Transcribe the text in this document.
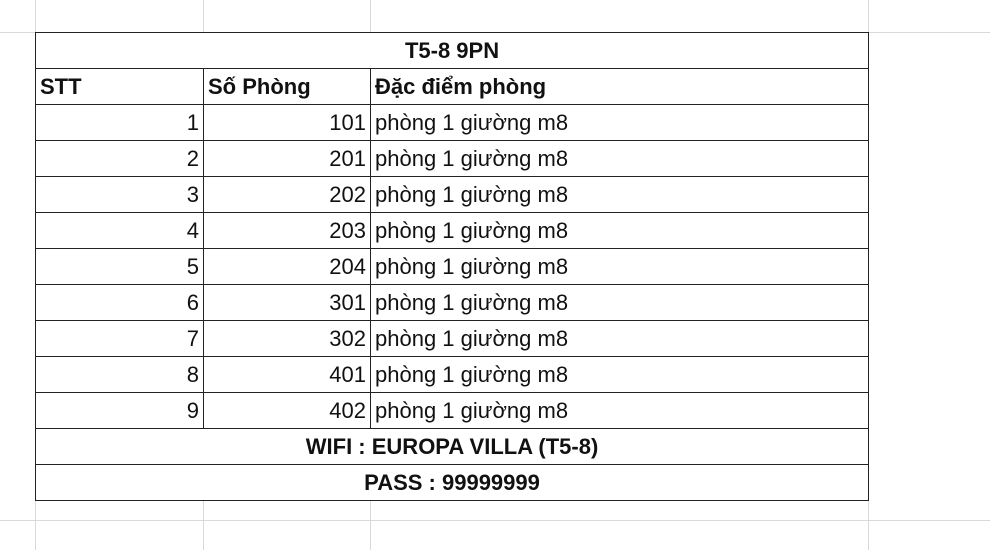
T5-8 9PN		
STT	Số Phòng	Đặc điểm phòng
1	101	phòng 1 giường m8
2	201	phòng 1 giường m8
3	202	phòng 1 giường m8
4	203	phòng 1 giường m8
5	204	phòng 1 giường m8
6	301	phòng 1 giường m8
7	302	phòng 1 giường m8
8	401	phòng 1 giường m8
9	402	phòng 1 giường m8
WIFI : EUROPA VILLA (T5-8)		
PASS : 99999999		
